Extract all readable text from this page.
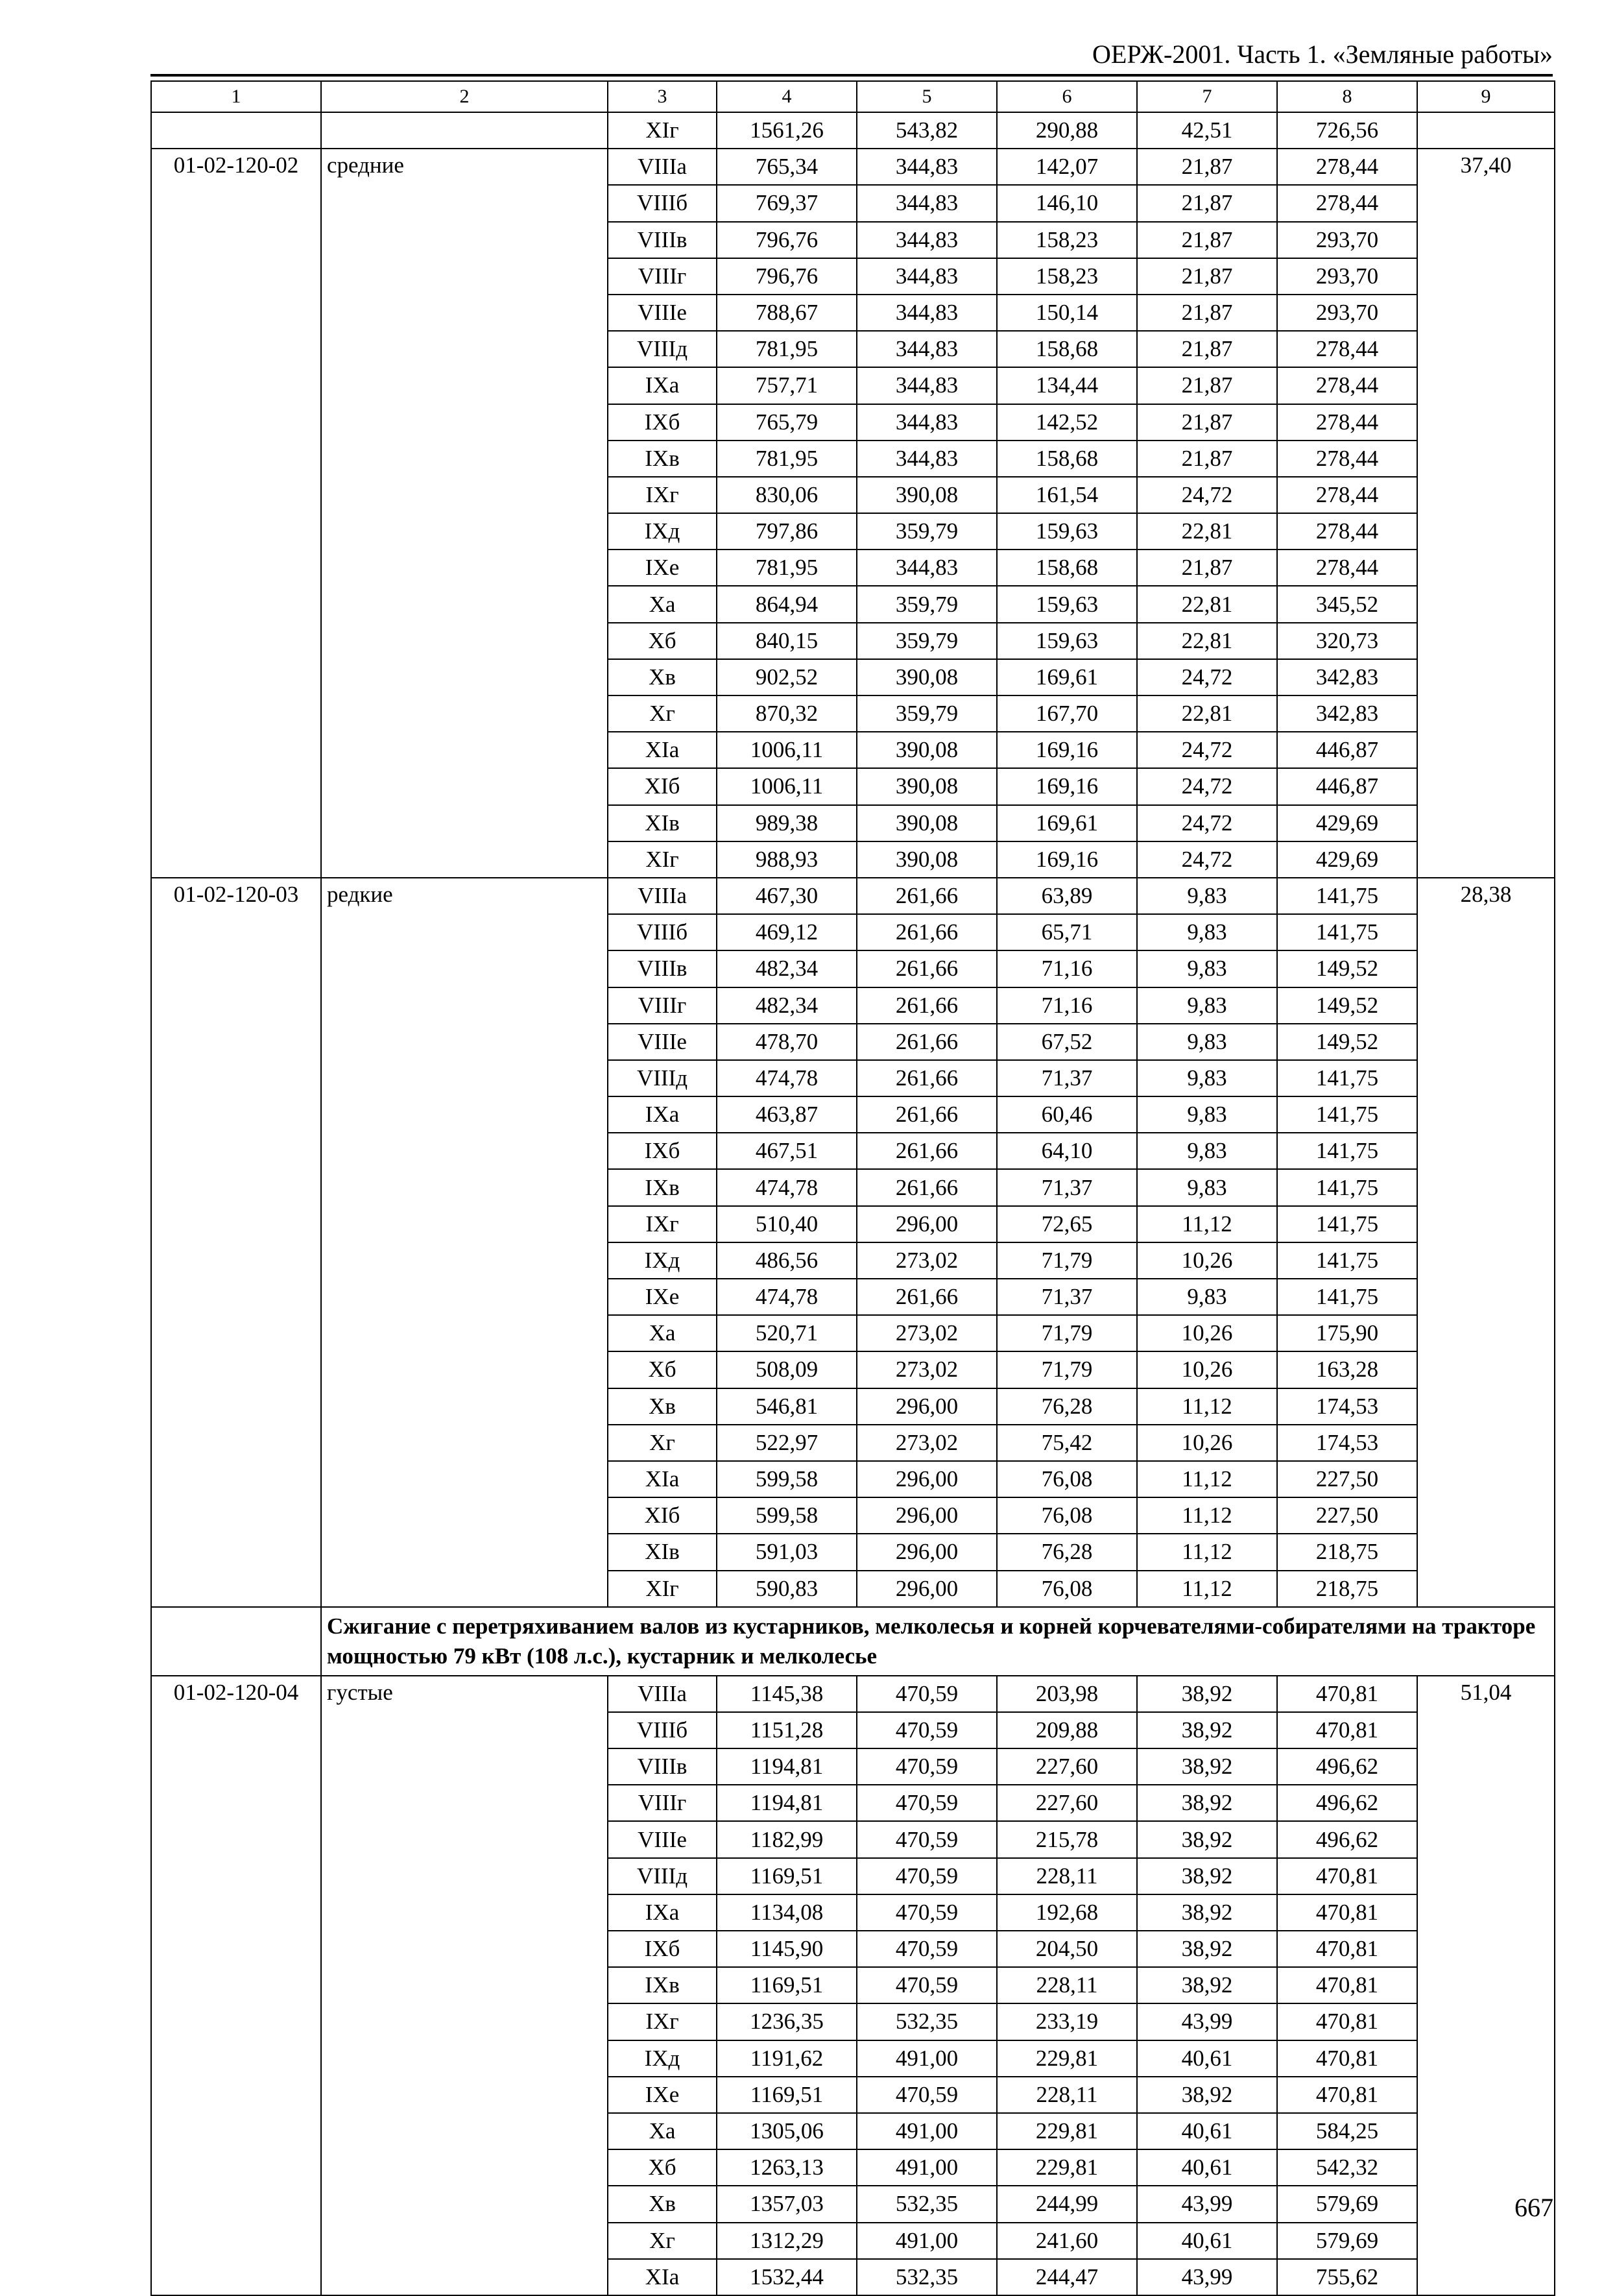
ОЕРЖ-2001. Часть 1. «Земляные работы»
1	2	3	4	5	6	7	8	9
		XIг	1561,26	543,82	290,88	42,51	726,56	
01-02-120-02	средние	VIIIа	765,34	344,83	142,07	21,87	278,44	37,40
		VIIIб	769,37	344,83	146,10	21,87	278,44	
		VIIIв	796,76	344,83	158,23	21,87	293,70	
		VIIIг	796,76	344,83	158,23	21,87	293,70	
		VIIIе	788,67	344,83	150,14	21,87	293,70	
		VIIIд	781,95	344,83	158,68	21,87	278,44	
		IXа	757,71	344,83	134,44	21,87	278,44	
		IXб	765,79	344,83	142,52	21,87	278,44	
		IXв	781,95	344,83	158,68	21,87	278,44	
		IXг	830,06	390,08	161,54	24,72	278,44	
		IXд	797,86	359,79	159,63	22,81	278,44	
		IXе	781,95	344,83	158,68	21,87	278,44	
		Xа	864,94	359,79	159,63	22,81	345,52	
		Xб	840,15	359,79	159,63	22,81	320,73	
		Xв	902,52	390,08	169,61	24,72	342,83	
		Xг	870,32	359,79	167,70	22,81	342,83	
		XIа	1006,11	390,08	169,16	24,72	446,87	
		XIб	1006,11	390,08	169,16	24,72	446,87	
		XIв	989,38	390,08	169,61	24,72	429,69	
		XIг	988,93	390,08	169,16	24,72	429,69	
01-02-120-03	редкие	VIIIа	467,30	261,66	63,89	9,83	141,75	28,38
		VIIIб	469,12	261,66	65,71	9,83	141,75	
		VIIIв	482,34	261,66	71,16	9,83	149,52	
		VIIIг	482,34	261,66	71,16	9,83	149,52	
		VIIIе	478,70	261,66	67,52	9,83	149,52	
		VIIIд	474,78	261,66	71,37	9,83	141,75	
		IXа	463,87	261,66	60,46	9,83	141,75	
		IXб	467,51	261,66	64,10	9,83	141,75	
		IXв	474,78	261,66	71,37	9,83	141,75	
		IXг	510,40	296,00	72,65	11,12	141,75	
		IXд	486,56	273,02	71,79	10,26	141,75	
		IXе	474,78	261,66	71,37	9,83	141,75	
		Xа	520,71	273,02	71,79	10,26	175,90	
		Xб	508,09	273,02	71,79	10,26	163,28	
		Xв	546,81	296,00	76,28	11,12	174,53	
		Xг	522,97	273,02	75,42	10,26	174,53	
		XIа	599,58	296,00	76,08	11,12	227,50	
		XIб	599,58	296,00	76,08	11,12	227,50	
		XIв	591,03	296,00	76,28	11,12	218,75	
		XIг	590,83	296,00	76,08	11,12	218,75	
	Сжигание с перетряхиванием валов из кустарников, мелколесья и корней корчевателями-собирателями на тракторе мощностью 79 кВт (108 л.с.), кустарник и мелколесье							
01-02-120-04	густые	VIIIа	1145,38	470,59	203,98	38,92	470,81	51,04
		VIIIб	1151,28	470,59	209,88	38,92	470,81	
		VIIIв	1194,81	470,59	227,60	38,92	496,62	
		VIIIг	1194,81	470,59	227,60	38,92	496,62	
		VIIIе	1182,99	470,59	215,78	38,92	496,62	
		VIIIд	1169,51	470,59	228,11	38,92	470,81	
		IXа	1134,08	470,59	192,68	38,92	470,81	
		IXб	1145,90	470,59	204,50	38,92	470,81	
		IXв	1169,51	470,59	228,11	38,92	470,81	
		IXг	1236,35	532,35	233,19	43,99	470,81	
		IXд	1191,62	491,00	229,81	40,61	470,81	
		IXе	1169,51	470,59	228,11	38,92	470,81	
		Xа	1305,06	491,00	229,81	40,61	584,25	
		Xб	1263,13	491,00	229,81	40,61	542,32	
		Xв	1357,03	532,35	244,99	43,99	579,69	
		Xг	1312,29	491,00	241,60	40,61	579,69	
		XIа	1532,44	532,35	244,47	43,99	755,62	
667
